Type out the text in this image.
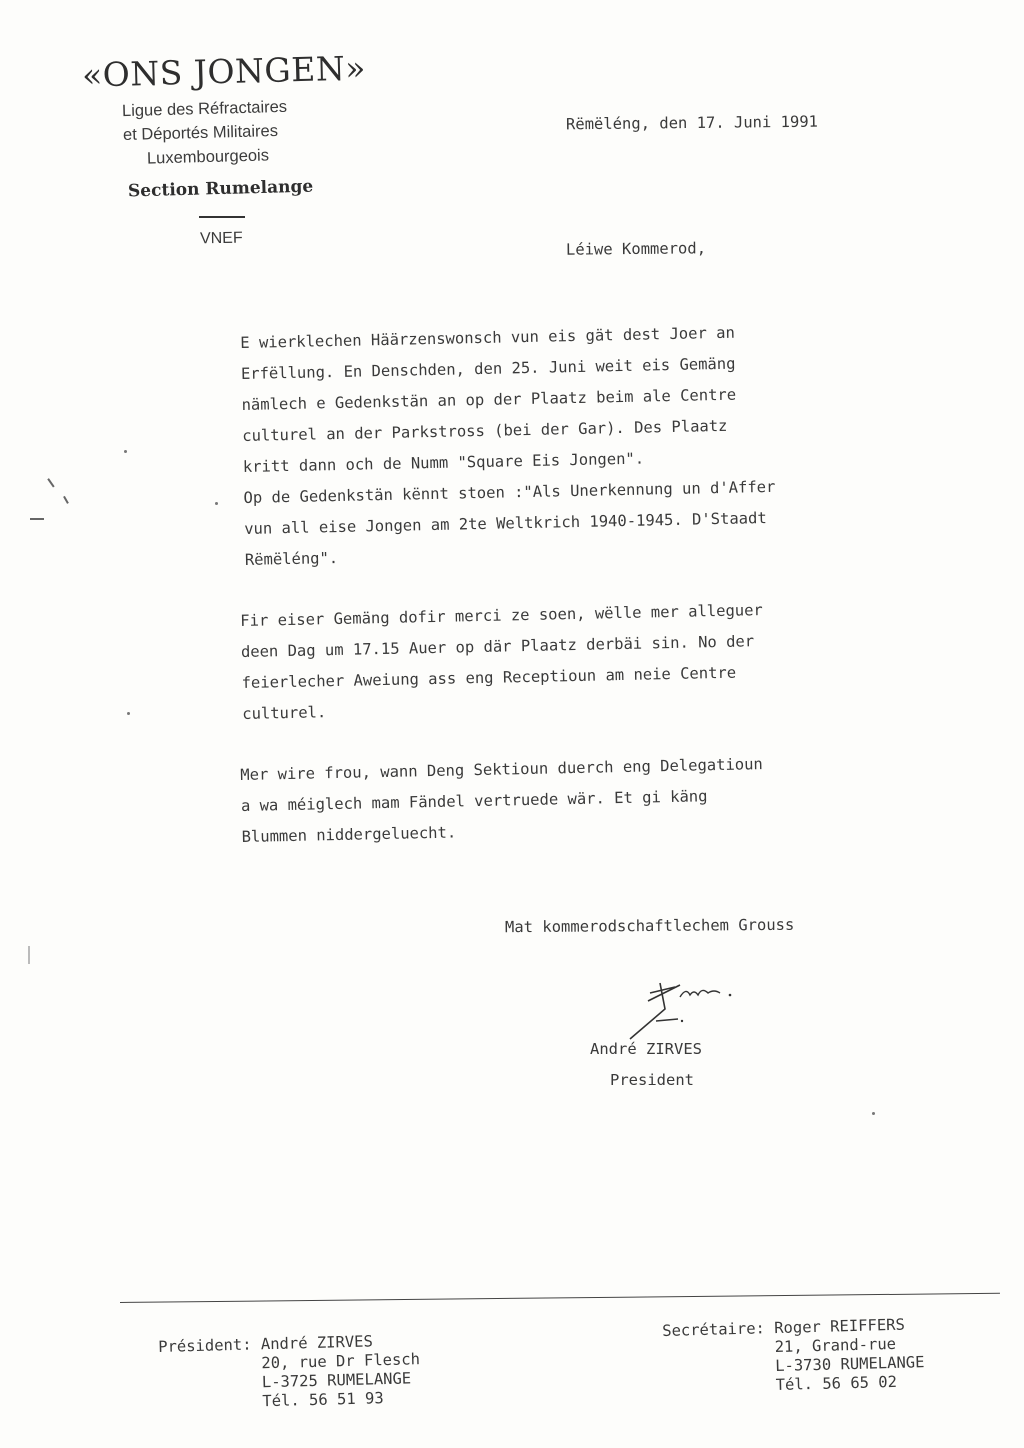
«ONS JONGEN»
Ligue des Réfractaires
et Déportés Militaires
Luxembourgeois
Section Rumelange
VNEF
Rëmëléng, den 17. Juni 1991
Léiwe Kommerod,
E wierklechen Häärzenswonsch vun eis gät dest Joer an
Erfëllung. En Denschden, den 25. Juni weit eis Gemäng
nämlech e Gedenkstän an op der Plaatz beim ale Centre
culturel an der Parkstross (bei der Gar). Des Plaatz
kritt dann och de Numm "Square Eis Jongen".
Op de Gedenkstän kënnt stoen :"Als Unerkennung un d'Affer
vun all eise Jongen am 2te Weltkrich 1940-1945. D'Staadt
Rëmëléng".
Fir eiser Gemäng dofir merci ze soen, wëlle mer alleguer
deen Dag um 17.15 Auer op där Plaatz derbäi sin. No der
feierlecher Aweiung ass eng Receptioun am neie Centre
culturel.
Mer wire frou, wann Deng Sektioun duerch eng Delegatioun
a wa méiglech mam Fändel vertruede wär. Et gi käng
Blummen niddergeluecht.
Mat kommerodschaftlechem Grouss
André ZIRVES
President
Président: André ZIRVES
20, rue Dr Flesch
L-3725 RUMELANGE
Tél. 56 51 93
Secrétaire: Roger REIFFERS
21, Grand-rue
L-3730 RUMELANGE
Tél. 56 65 02
